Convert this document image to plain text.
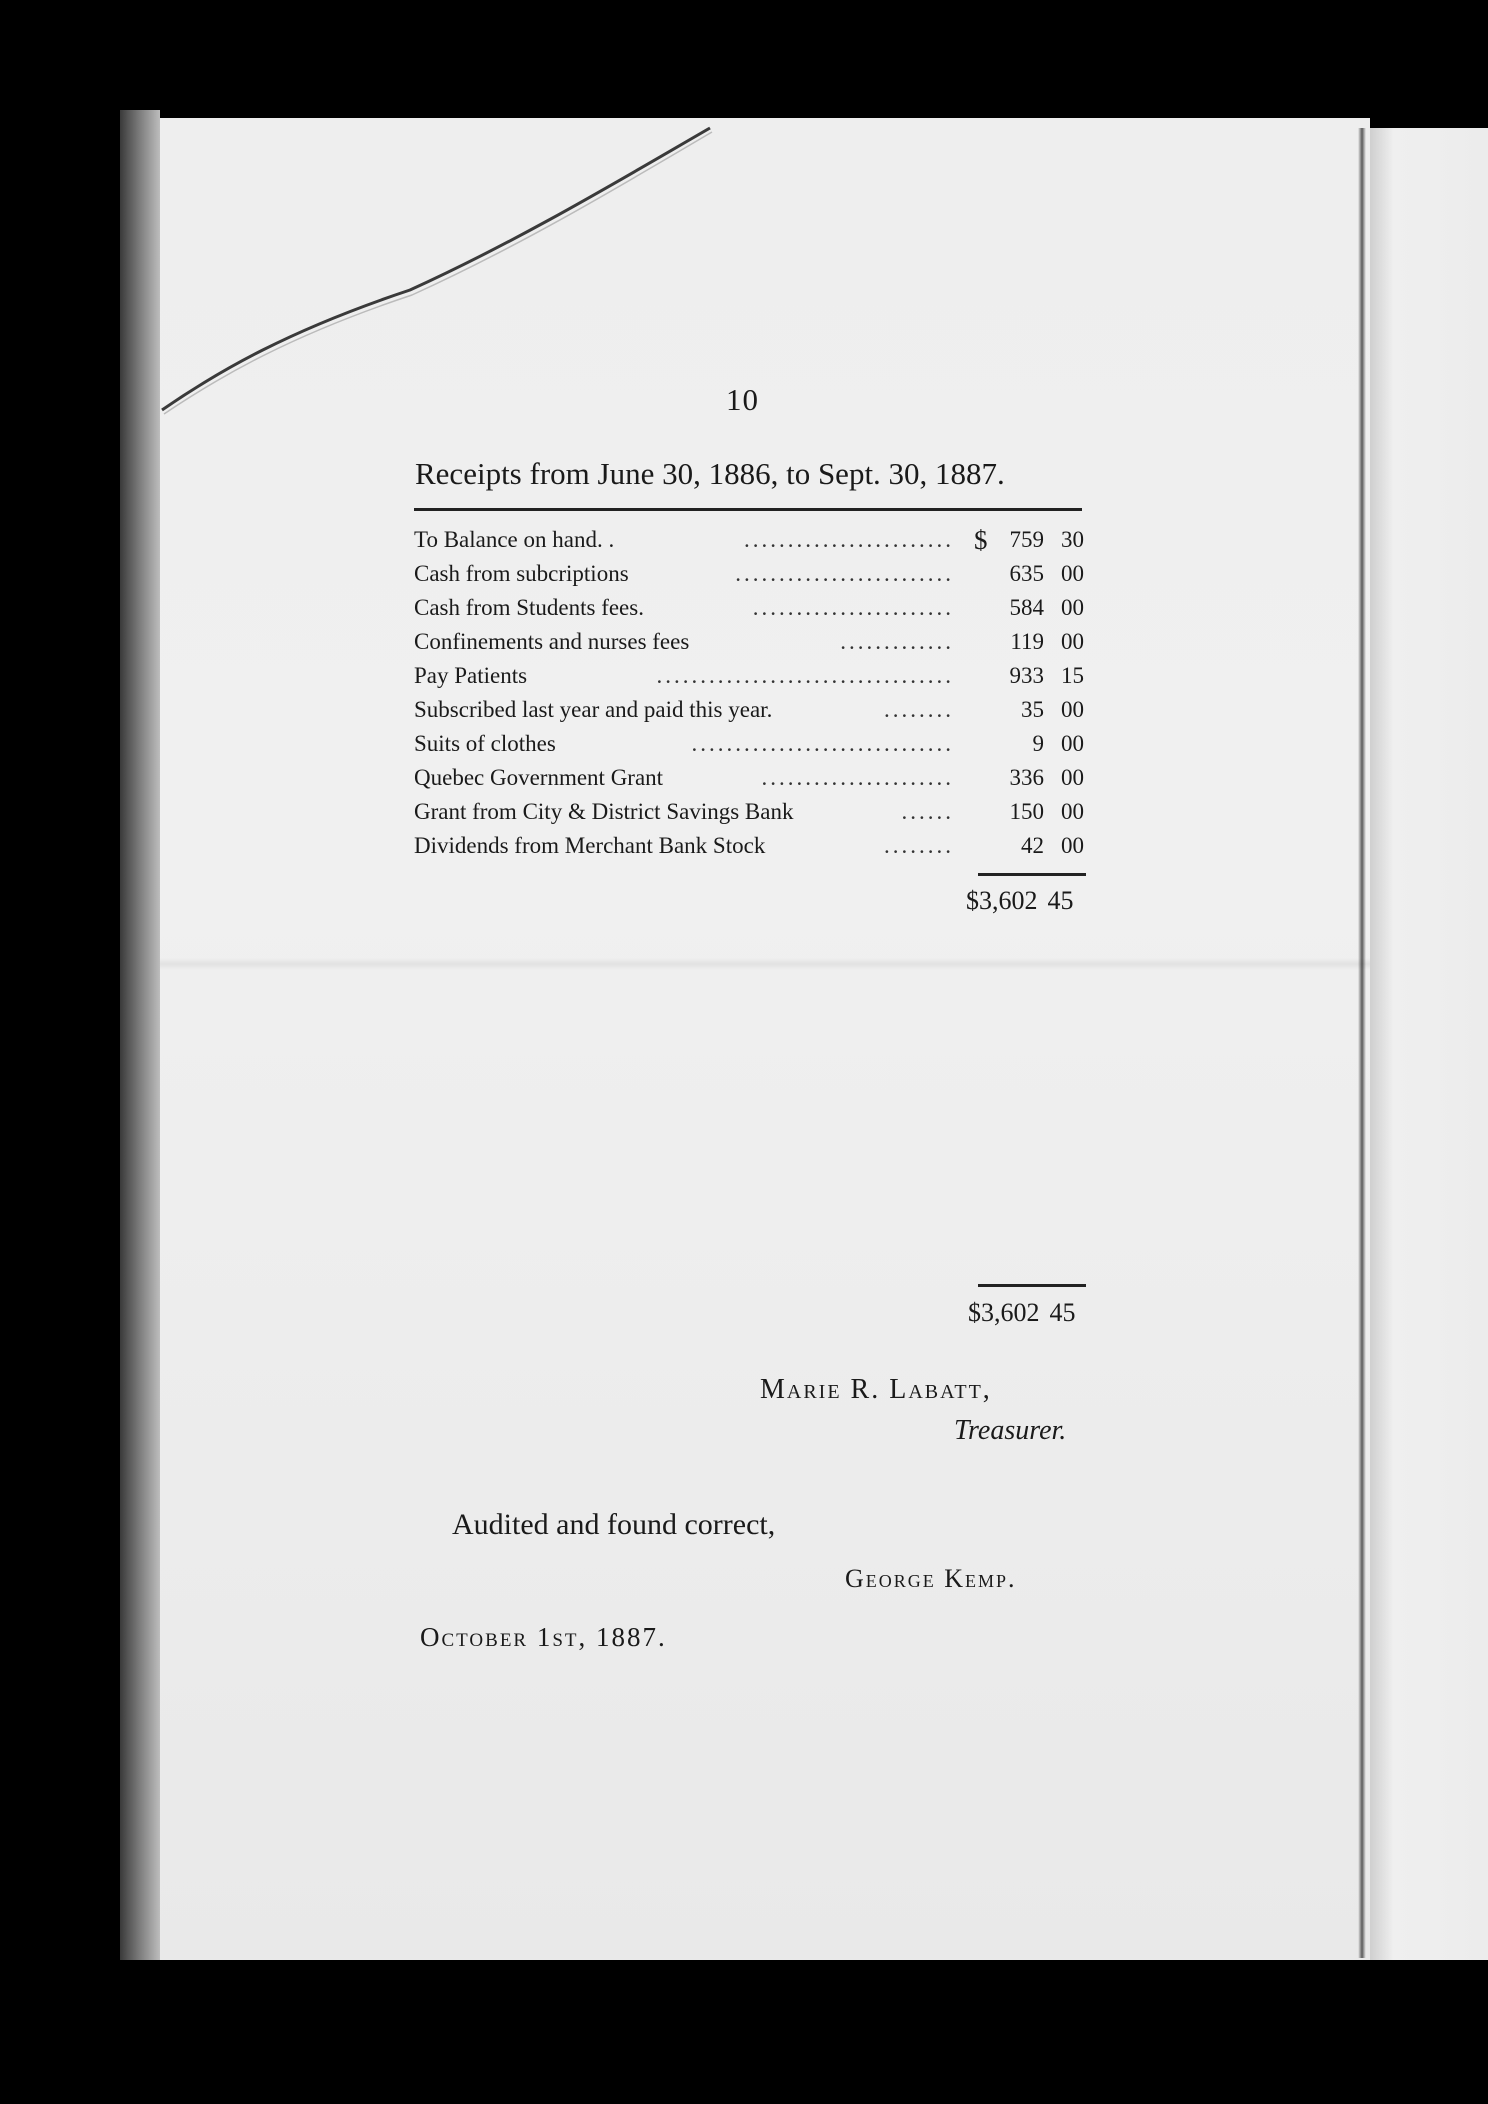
10
Receipts from June 30, 1886, to Sept. 30, 1887.
To Balance on hand. .	........................ $ 759 30
Cash from subcriptions	......................... 635 00
Cash from Students fees.	....................... 584 00
Confinements and nurses fees	............. 119 00
Pay Patients	.................................. 933 15
Subscribed last year and paid this year.	........	35 00
Suits of clothes	..............................	9 00
Quebec Government Grant	...................... 336 00
Grant from City & District Savings Bank	...... 150 00
Dividends from Merchant Bank Stock	........	42 00
$3,602 45
$3,602 45
Marie R. Labatt,
Treasurer.
Audited and found correct,
George Kemp.
October 1st, 1887.
